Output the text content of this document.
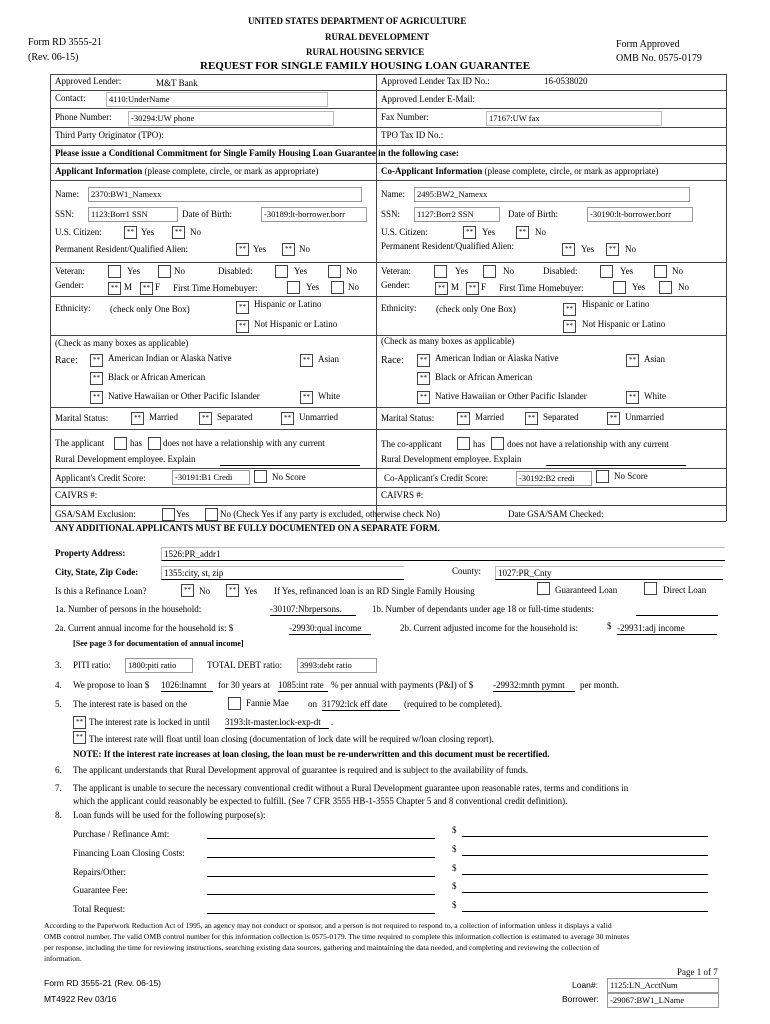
Form RD 3555-21
(Rev. 06-15)
UNITED STATES DEPARTMENT OF AGRICULTURE
RURAL DEVELOPMENT
RURAL HOUSING SERVICE
REQUEST FOR SINGLE FAMILY HOUSING LOAN GUARANTEE
Form Approved
OMB No. 0575-0179
Approved Lender:	M&T Bank	Approved Lender Tax ID No.:	16-0538020
Contact:	4110:UnderName	Approved Lender E-Mail:
Phone Number:	-30294:UW phone	Fax Number:	17167:UW fax
Third Party Originator (TPO):	TPO Tax ID No.:
Please issue a Conditional Commitment for Single Family Housing Loan Guarantee in the following case:
Applicant Information (please complete, circle, or mark as appropriate)
Name:	2370:BW1_Namexx
SSN:	1123:Borr1 SSN	Date of Birth:	-30189:lt-borrower.borr
U.S. Citizen:	** Yes	** No
Permanent Resident/Qualified Alien:	** Yes	** No
Veteran:	Yes	No	Disabled:	Yes	No
Gender:	** M	** F First Time Homebuyer:	Yes	No
Ethnicity: (check only One Box)	** Hispanic or Latino
** Not Hispanic or Latino
(Check as many boxes as applicable)
Race:	** American Indian or Alaska Native	** Asian
** Black or African American
** Native Hawaiian or Other Pacific Islander	** White
Marital Status:	** Married	** Separated	** Unmarried
The applicant	has does not have a relationship with any current
Rural Development employee. Explain
Applicant's Credit Score:	-30191:B1 Credi	No Score
CAIVRS #:
Co-Applicant Information (please complete, circle, or mark as appropriate)
Name:	2495:BW2_Namexx
SSN:	1127:Borr2 SSN	Date of Birth:	-30190:lt-borrower.borr
U.S. Citizen:	**	Yes	**	No
Permanent Resident/Qualified Alien:	**	Yes	**	No
Veteran:	Yes	No	Disabled:	Yes	No
Gender:	** M	** F First Time Homebuyer:	Yes	No
Ethnicity: (check only One Box)	**	Hispanic or Latino
**	Not Hispanic or Latino
(Check as many boxes as applicable)
Race:	** American Indian or Alaska Native	** Asian
** Black or African American
** Native Hawaiian or Other Pacific Islander	** White
Marital Status:	** Married	** Separated	** Unmarried
The co-applicant	has does not have a relationship with any current
Rural Development employee. Explain
Co-Applicant's Credit Score:	-30192:B2 credi	No Score
CAIVRS #:
GSA/SAM Exclusion:	Yes	No (Check Yes if any party is excluded, otherwise check No)	Date GSA/SAM Checked:
ANY ADDITIONAL APPLICANTS MUST BE FULLY DOCUMENTED ON A SEPARATE FORM.
Property Address:	1526:PR_addr1
City, State, Zip Code:	1355:city, st, zip	County:	1027:PR_Cnty
Is this a Refinance Loan?	** No	** Yes If Yes, refinanced loan is an RD Single Family Housing	Guaranteed Loan	Direct Loan
1a. Number of persons in the household:	-30107:Nbrpersons.	1b. Number of dependants under age 18 or full-time students:
2a. Current annual income for the household is: $	-29930:qual income	2b. Current adjusted income for the household is:	$ -29931:adj income
[See page 3 for documentation of annual income]
3. PITI ratio:	1800:piti ratio	TOTAL DEBT ratio:	3993:debt ratio
4. We propose to loan $ 1026:lnamnt	for 30 years at 1085:int rate % per annual with payments (P&I) of $ -29932:mnth pymnt	per month.
5. The interest rate is based on the	Fannie Mae on 31792:lck eff date	(required to be completed).
** The interest rate is locked in until 3193:lt-master.lock-exp-dt	.
** The interest rate will float until loan closing (documentation of lock date will be required w/loan closing report).
NOTE: If the interest rate increases at loan closing, the loan must be re-underwritten and this document must be recertified.
6. The applicant understands that Rural Development approval of guarantee is required and is subject to the availability of funds.
7. The applicant is unable to secure the necessary conventional credit without a Rural Development guarantee upon reasonable rates, terms and conditions in
which the applicant could reasonably be expected to fulfill. (See 7 CFR 3555 HB-1-3555 Chapter 5 and 8 conventional credit definition).
8. Loan funds will be used for the following purpose(s):
Purchase / Refinance Amt:	$
Financing Loan Closing Costs:	$
Repairs/Other:	$
Guarantee Fee:	$
Total Request:	$
According to the Paperwork Reduction Act of 1995, an agency may not conduct or sponsor, and a person is not required to respond to, a collection of information unless it displays a valid
OMB control number. The valid OMB control number for this information collection is 0575-0179. The time required to complete this information collection is estimated to average 30 minutes
per response, including the time for reviewing instructions, searching existing data sources, gathering and maintaining the data needed, and completing and reviewing the collection of
information.
Form RD 3555-21 (Rev. 06-15)
MT4922 Rev 03/16
Page 1 of 7
Loan#:	1125:LN_AcctNum
Borrower:	-29067:BW1_LName
